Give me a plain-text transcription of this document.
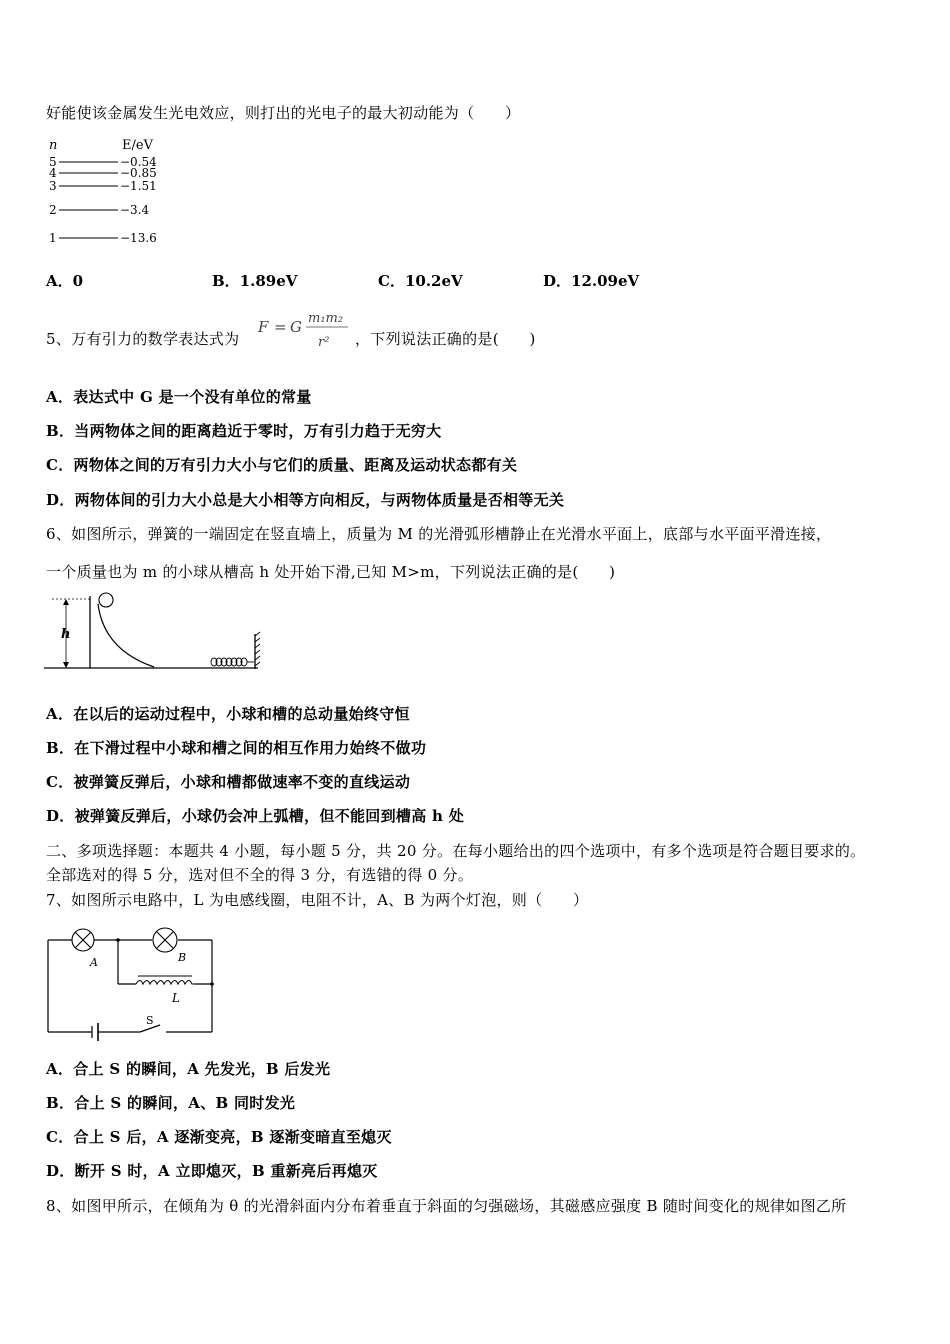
好能使该金属发生光电效应，则打出的光电子的最大初动能为（　　）
n	E/eV
5	−0.54
4	−0.85
3	−1.51
2	−3.4
1	−13.6
A．0	B．1.89eV	C．10.2eV	D．12.09eV
5、万有引力的数学表达式为
F = G m₁m₂
r² ，下列说法正确的是(　　)
A．表达式中 G 是一个没有单位的常量
B．当两物体之间的距离趋近于零时，万有引力趋于无穷大
C．两物体之间的万有引力大小与它们的质量、距离及运动状态都有关
D．两物体间的引力大小总是大小相等方向相反，与两物体质量是否相等无关
6、如图所示，弹簧的一端固定在竖直墙上，质量为 M 的光滑弧形槽静止在光滑水平面上，底部与水平面平滑连接，
一个质量也为 m 的小球从槽高 h 处开始下滑,已知 M>m，下列说法正确的是(　　)
h
A．在以后的运动过程中，小球和槽的总动量始终守恒
B．在下滑过程中小球和槽之间的相互作用力始终不做功
C．被弹簧反弹后，小球和槽都做速率不变的直线运动
D．被弹簧反弹后，小球仍会冲上弧槽，但不能回到槽高 h 处
二、多项选择题：本题共 4 小题，每小题 5 分，共 20 分。在每小题给出的四个选项中，有多个选项是符合题目要求的。
全部选对的得 5 分，选对但不全的得 3 分，有选错的得 0 分。
7、如图所示电路中，L 为电感线圈，电阻不计，A、B 为两个灯泡，则（　　）
A	B
L
S
A．合上 S 的瞬间，A 先发光，B 后发光
B．合上 S 的瞬间，A、B 同时发光
C．合上 S 后，A 逐渐变亮，B 逐渐变暗直至熄灭
D．断开 S 时，A 立即熄灭，B 重新亮后再熄灭
8、如图甲所示，在倾角为 θ 的光滑斜面内分布着垂直于斜面的匀强磁场，其磁感应强度 B 随时间变化的规律如图乙所
